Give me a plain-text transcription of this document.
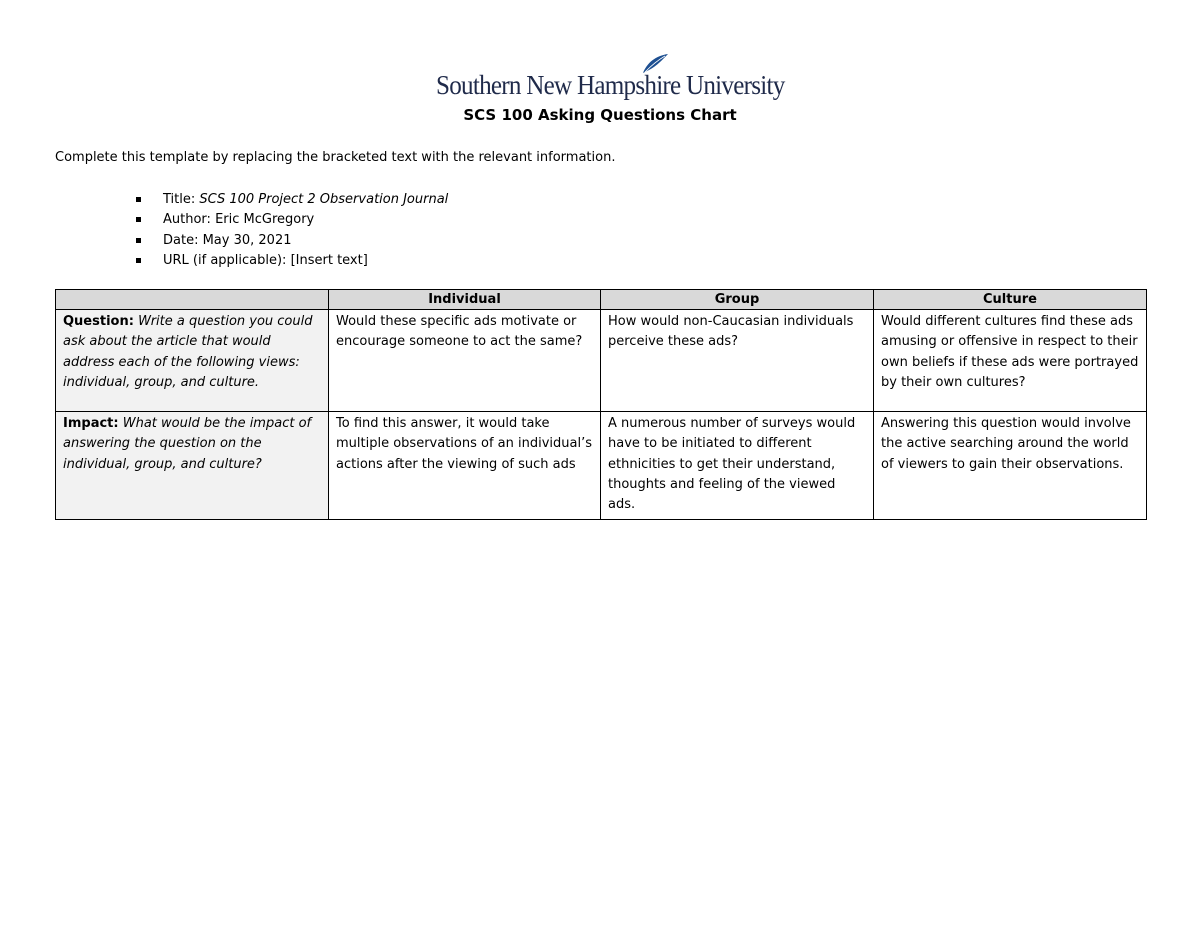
Southern New Hampshire University
SCS 100 Asking Questions Chart
Complete this template by replacing the bracketed text with the relevant information.
Title: SCS 100 Project 2 Observation Journal
Author: Eric McGregory
Date: May 30, 2021
URL (if applicable): [Insert text]
	Individual	Group	Culture
Question: Write a question you could ask about the article that would address each of the following views: individual, group, and culture.	Would these specific ads motivate or encourage someone to act the same?	How would non-Caucasian individuals perceive these ads?	Would different cultures find these ads amusing or offensive in respect to their own beliefs if these ads were portrayed by their own cultures?
Impact: What would be the impact of answering the question on the individual, group, and culture?	To find this answer, it would take multiple observations of an individual’s actions after the viewing of such ads	A numerous number of surveys would have to be initiated to different ethnicities to get their understand, thoughts and feeling of the viewed ads.	Answering this question would involve the active searching around the world of viewers to gain their observations.
